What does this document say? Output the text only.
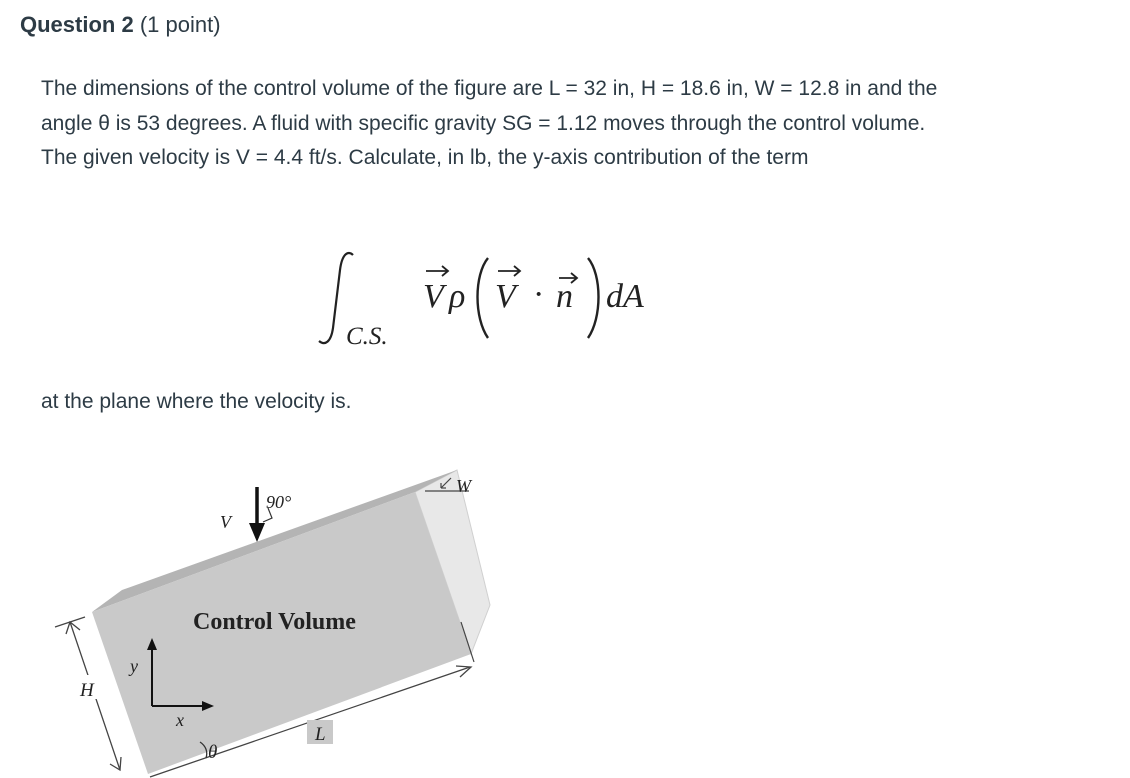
Question 2 (1 point)
The dimensions of the control volume of the figure are L = 32 in, H = 18.6 in, W = 12.8 in and the angle θ is 53 degrees. A fluid with specific gravity SG = 1.12 moves through the control volume. The given velocity is V = 4.4 ft/s. Calculate, in lb, the y-axis contribution of the term
C.S.
V ρ V · n dA
at the plane where the velocity is.
W
V
90°
Control Volume
H
L
y
x
θ
